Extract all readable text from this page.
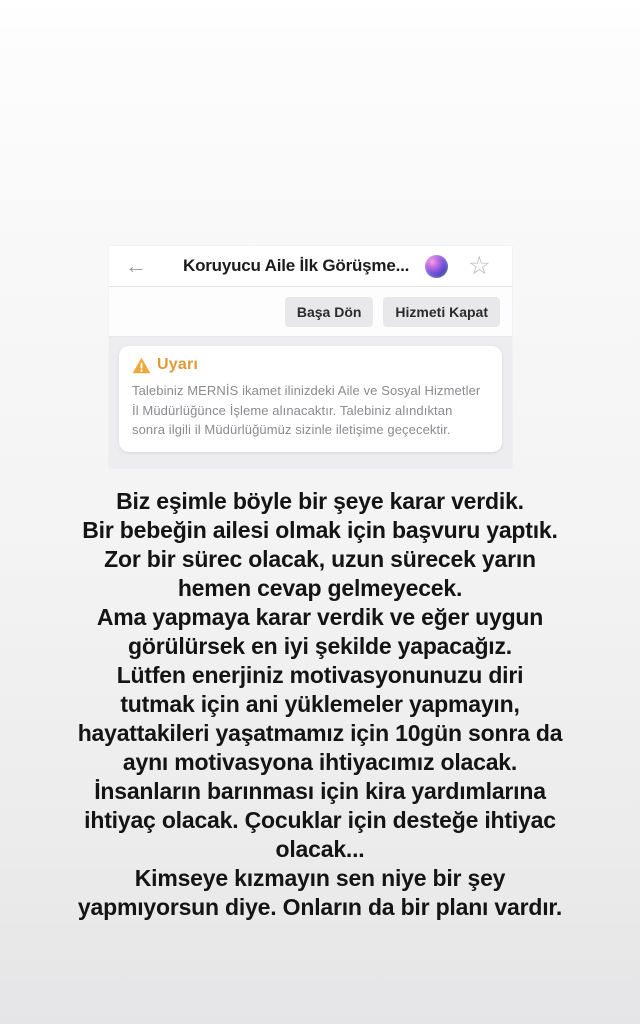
← Koruyucu Aile İlk Görüşme... ☆
Başa Dön	Hizmeti Kapat
Uyarı
Talebiniz MERNİS ikamet ilinizdeki Aile ve Sosyal Hizmetler İl Müdürlüğünce İşleme alınacaktır. Talebiniz alındıktan sonra ilgili il Müdürlüğümüz sizinle iletişime geçecektir.
Biz eşimle böyle bir şeye karar verdik.
Bir bebeğin ailesi olmak için başvuru yaptık.
Zor bir sürec olacak, uzun sürecek yarın
hemen cevap gelmeyecek.
Ama yapmaya karar verdik ve eğer uygun
görülürsek en iyi şekilde yapacağız.
Lütfen enerjiniz motivasyonunuzu diri
tutmak için ani yüklemeler yapmayın,
hayattakileri yaşatmamız için 10gün sonra da
aynı motivasyona ihtiyacımız olacak.
İnsanların barınması için kira yardımlarına
ihtiyaç olacak. Çocuklar için desteğe ihtiyac
olacak...
Kimseye kızmayın sen niye bir şey
yapmıyorsun diye. Onların da bir planı vardır.
